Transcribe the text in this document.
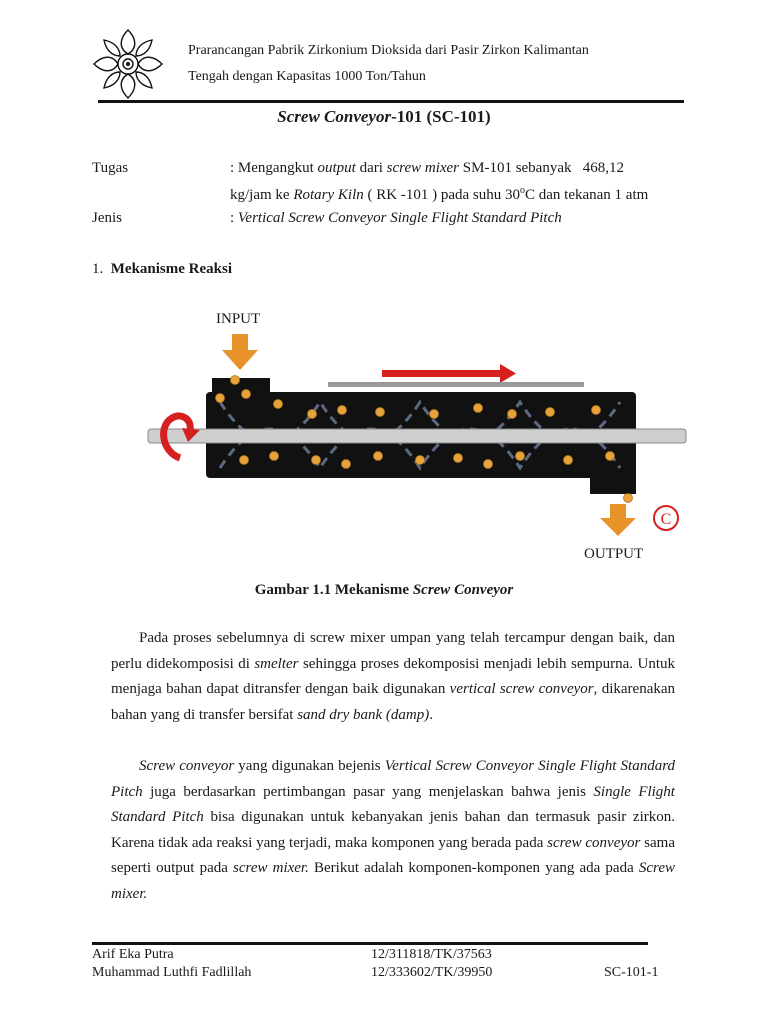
Prarancangan Pabrik Zirkonium Dioksida dari Pasir Zirkon Kalimantan
Tengah dengan Kapasitas 1000 Ton/Tahun
Screw Conveyor-101 (SC-101)
Tugas	: Mengangkut output dari screw mixer SM-101 sebanyak   468,12
kg/jam ke Rotary Kiln ( RK -101 ) pada suhu 30$^o$C dan tekanan 1 atm
Jenis	: Vertical Screw Conveyor Single Flight Standard Pitch
1. Mekanisme Reaksi
INPUT
OUTPUT
C
Gambar 1.1 Mekanisme Screw Conveyor
Pada proses sebelumnya di screw mixer umpan yang telah tercampur dengan baik, dan perlu didekomposisi di smelter sehingga proses dekomposisi menjadi lebih sempurna. Untuk menjaga bahan dapat ditransfer dengan baik digunakan vertical screw conveyor, dikarenakan bahan yang di transfer bersifat sand dry bank (damp).
Screw conveyor yang digunakan bejenis Vertical Screw Conveyor Single Flight Standard Pitch juga berdasarkan pertimbangan pasar yang menjelaskan bahwa jenis Single Flight Standard Pitch bisa digunakan untuk kebanyakan jenis bahan dan termasuk pasir zirkon. Karena tidak ada reaksi yang terjadi, maka komponen yang berada pada screw conveyor sama seperti output pada screw mixer. Berikut adalah komponen-komponen yang ada pada Screw mixer.
Arif Eka Putra	12/311818/TK/37563
Muhammad Luthfi Fadlillah	12/333602/TK/39950	SC-101-1
